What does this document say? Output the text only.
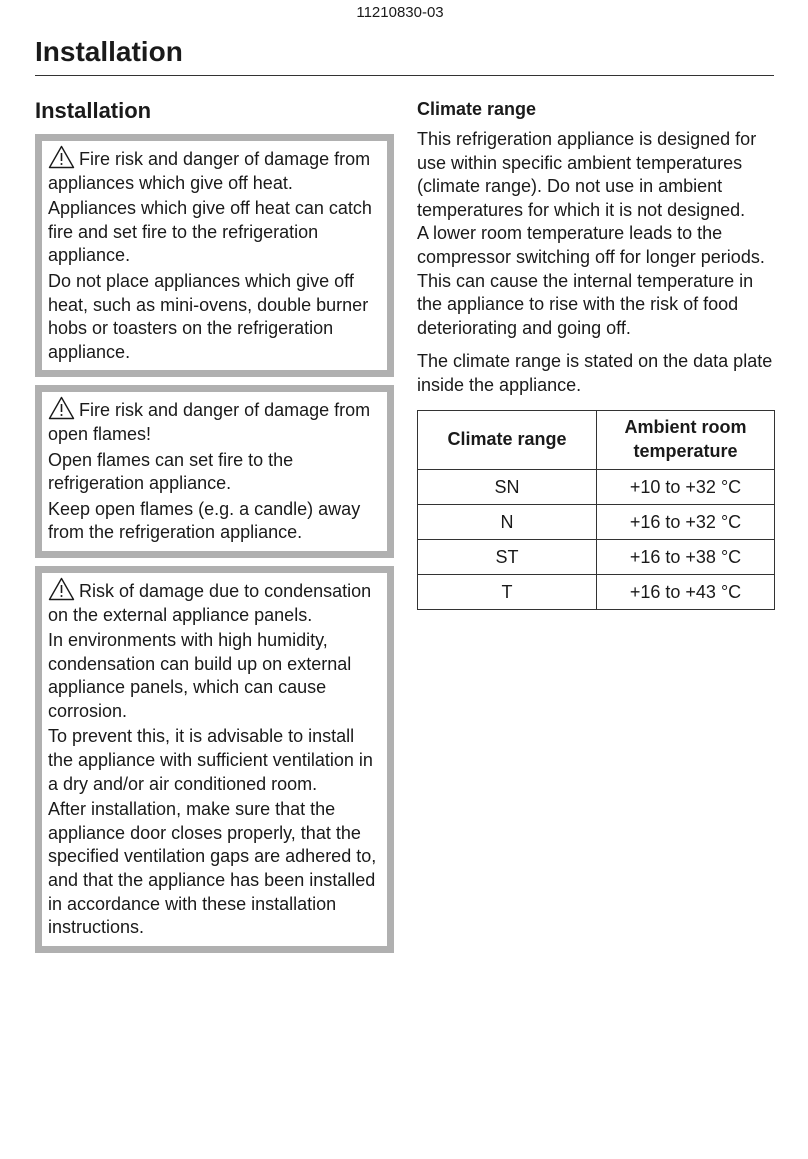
11210830-03
Installation
Installation

Fire risk and danger of damage from appliances which give off heat.

Appliances which give off heat can catch fire and set fire to the refrigeration appliance.

Do not place appliances which give off heat, such as mini-ovens, double burner hobs or toasters on the refrigeration appliance.

Fire risk and danger of damage from open flames!

Open flames can set fire to the refrigeration appliance.

Keep open flames (e.g. a candle) away from the refrigeration appliance.

Risk of damage due to condensation on the external appliance panels.

In environments with high humidity, condensation can build up on external appliance panels, which can cause corrosion.

To prevent this, it is advisable to install the appliance with sufficient ventilation in a dry and/or air conditioned room.

After installation, make sure that the appliance door closes properly, that the specified ventilation gaps are adhered to, and that the appliance has been installed in accordance with these installation instructions.

Climate range

This refrigeration appliance is designed for use within specific ambient temperatures (climate range). Do not use in ambient temperatures for which it is not designed.

A lower room temperature leads to the compressor switching off for longer periods. This can cause the internal temperature in the appliance to rise with the risk of food deteriorating and going off.

The climate range is stated on the data plate inside the appliance.

Climate range	Ambient room temperature
SN	+10 to +32 °C
N	+16 to +32 °C
ST	+16 to +38 °C
T	+16 to +43 °C
